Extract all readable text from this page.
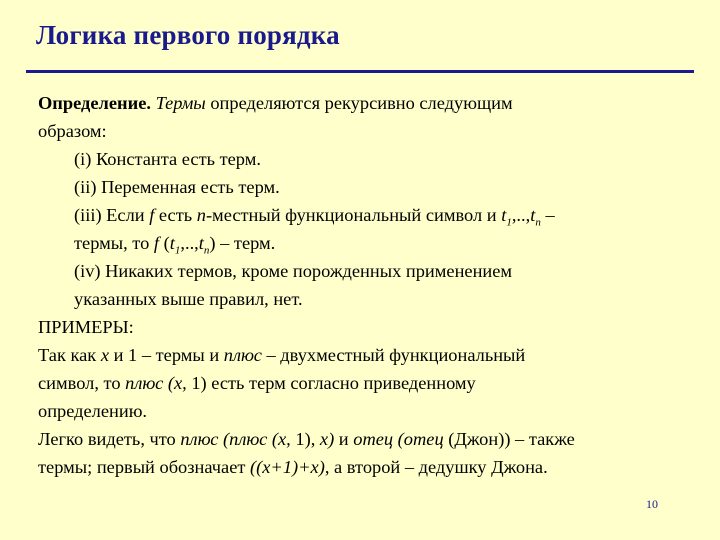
Логика первого порядка
Определение. Термы определяются рекурсивно следующим
образом:
(i) Константа есть терм.
(ii) Переменная есть терм.
(iii) Если f есть n-местный функциональный символ и $t_1,..,t_n$ –
термы, то f $(t_1,..,t_n)$ – терм.
(iv) Никаких термов, кроме порожденных применением
указанных выше правил, нет.
ПРИМЕРЫ:
Так как x и 1 – термы и плюс – двухместный функциональный
символ, то плюс (x, 1) есть терм согласно приведенному
определению.
Легко видеть, что плюс (плюс (x, 1), x) и отец (отец (Джон)) – также
термы; первый обозначает ((x+1)+x), а второй – дедушку Джона.
10
